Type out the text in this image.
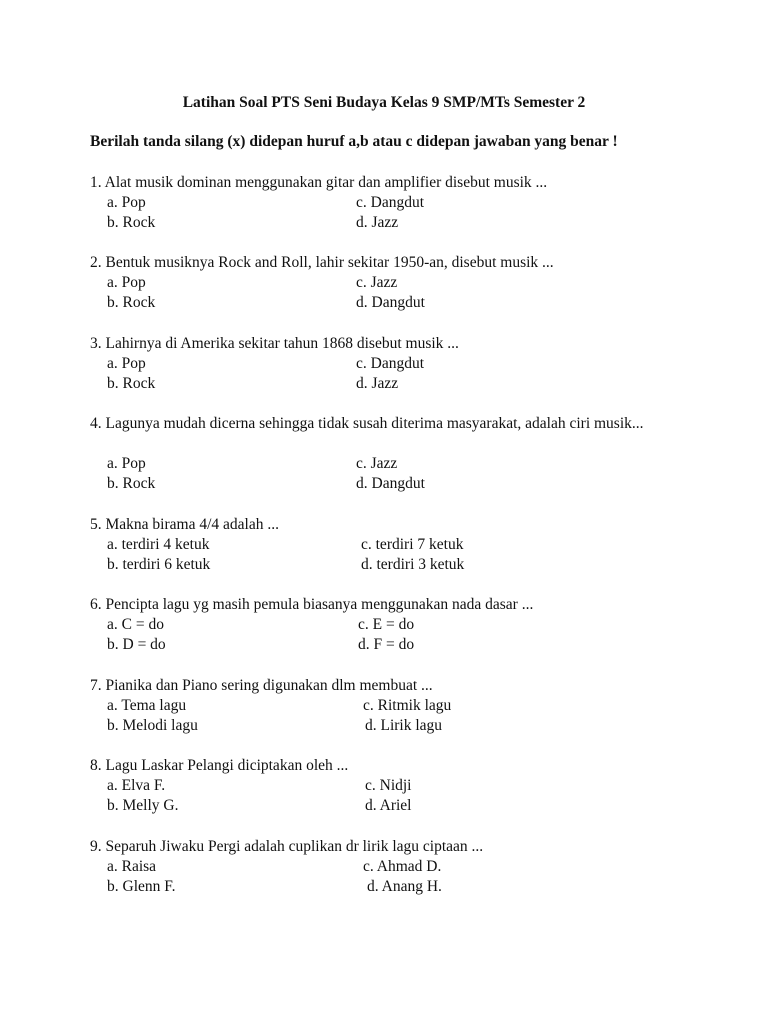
Latihan Soal PTS Seni Budaya Kelas 9 SMP/MTs Semester 2
Berilah tanda silang (x) didepan huruf a,b atau c didepan jawaban yang benar !
1. Alat musik dominan menggunakan gitar dan amplifier disebut musik ...
a. Pop	c. Dangdut
b. Rock	d. Jazz
2. Bentuk musiknya Rock and Roll, lahir sekitar 1950-an, disebut musik ...
a. Pop	c. Jazz
b. Rock	d. Dangdut
3. Lahirnya di Amerika sekitar tahun 1868 disebut musik ...
a. Pop	c. Dangdut
b. Rock	d. Jazz
4. Lagunya mudah dicerna sehingga tidak susah diterima masyarakat, adalah ciri musik...
a. Pop	c. Jazz
b. Rock	d. Dangdut
5. Makna birama 4/4 adalah ...
a. terdiri 4 ketuk	c. terdiri 7 ketuk
b. terdiri 6 ketuk	d. terdiri 3 ketuk
6. Pencipta lagu yg masih pemula biasanya menggunakan nada dasar ...
a. C = do	c. E = do
b. D = do	d. F = do
7. Pianika dan Piano sering digunakan dlm membuat ...
a. Tema lagu	c. Ritmik lagu
b. Melodi lagu	d. Lirik lagu
8. Lagu Laskar Pelangi diciptakan oleh ...
a. Elva F.	c. Nidji
b. Melly G.	d. Ariel
9. Separuh Jiwaku Pergi adalah cuplikan dr lirik lagu ciptaan ...
a. Raisa	c. Ahmad D.
b. Glenn F.	d. Anang H.
